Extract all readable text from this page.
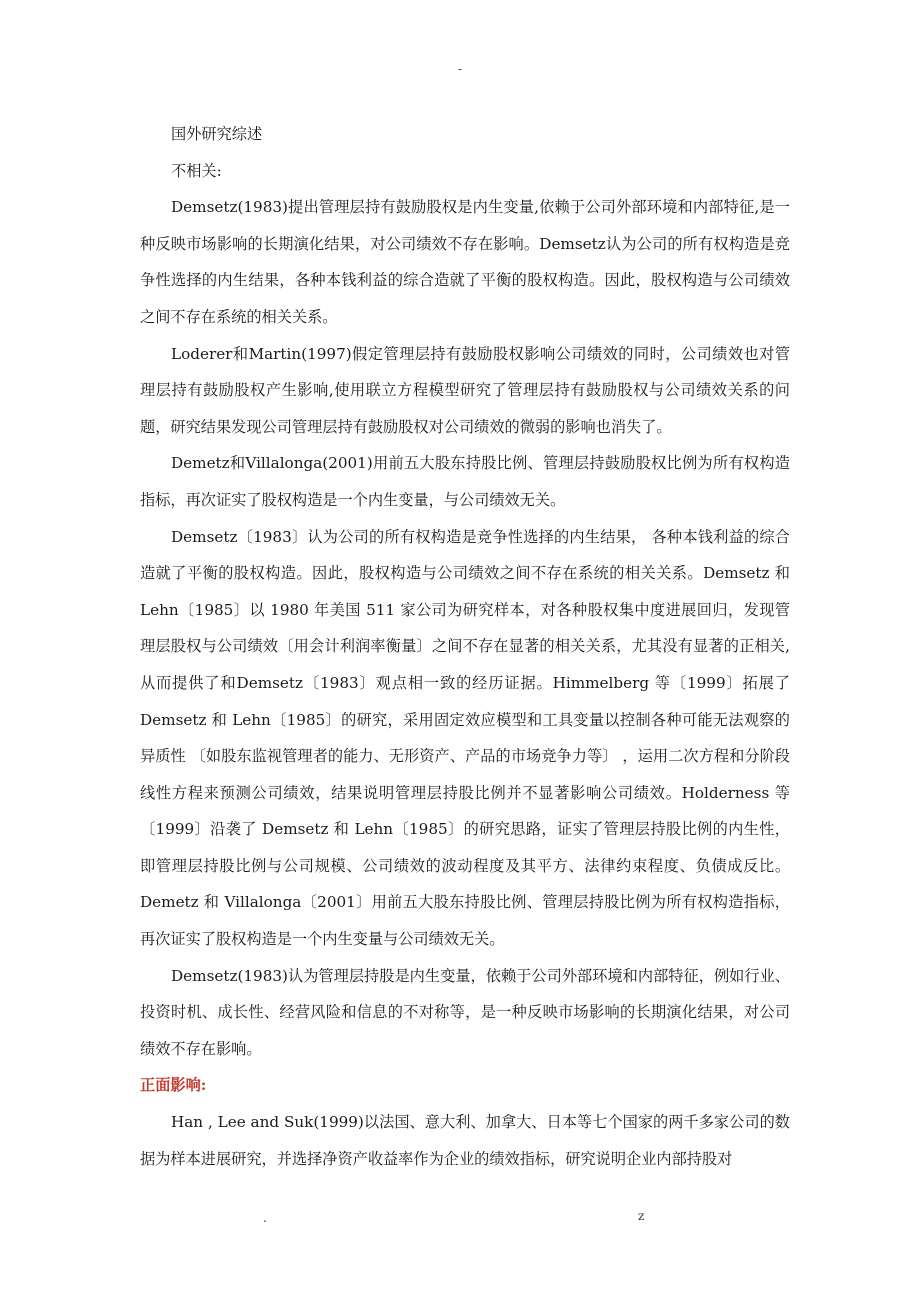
-

国外研究综述

不相关:

Demsetz(1983)提出管理层持有鼓励股权是内生变量,依赖于公司外部环境和内部特征,是一种反映市场影响的长期演化结果，对公司绩效不存在影响。Demsetz认为公司的所有权构造是竞争性选择的内生结果，各种本钱利益的综合造就了平衡的股权构造。因此，股权构造与公司绩效之间不存在系统的相关关系。

Loderer和Martin(1997)假定管理层持有鼓励股权影响公司绩效的同时，公司绩效也对管理层持有鼓励股权产生影响,使用联立方程模型研究了管理层持有鼓励股权与公司绩效关系的问题，研究结果发现公司管理层持有鼓励股权对公司绩效的微弱的影响也消失了。

Demetz和Villalonga(2001)用前五大股东持股比例、管理层持鼓励股权比例为所有权构造指标，再次证实了股权构造是一个内生变量，与公司绩效无关。

Demsetz〔1983〕认为公司的所有权构造是竞争性选择的内生结果， 各种本钱利益的综合造就了平衡的股权构造。因此，股权构造与公司绩效之间不存在系统的相关关系。Demsetz 和 Lehn〔1985〕以 1980 年美国 511 家公司为研究样本，对各种股权集中度进展回归，发现管理层股权与公司绩效〔用会计利润率衡量〕之间不存在显著的相关关系，尤其没有显著的正相关,从而提供了和Demsetz〔1983〕观点相一致的经历证据。Himmelberg 等〔1999〕拓展了 Demsetz 和 Lehn〔1985〕的研究，采用固定效应模型和工具变量以控制各种可能无法观察的异质性 〔如股东监视管理者的能力、无形资产、产品的市场竞争力等〕 ，运用二次方程和分阶段线性方程来预测公司绩效，结果说明管理层持股比例并不显著影响公司绩效。Holderness 等〔1999〕沿袭了 Demsetz 和 Lehn〔1985〕的研究思路，证实了管理层持股比例的内生性，即管理层持股比例与公司规模、公司绩效的波动程度及其平方、法律约束程度、负债成反比。Demetz 和 Villalonga〔2001〕用前五大股东持股比例、管理层持股比例为所有权构造指标， 再次证实了股权构造是一个内生变量与公司绩效无关。

Demsetz(1983)认为管理层持股是内生变量，依赖于公司外部环境和内部特征，例如行业、投资时机、成长性、经营风险和信息的不对称等，是一种反映市场影响的长期演化结果，对公司绩效不存在影响。

正面影响:

Han , Lee and Suk(1999)以法国、意大利、加拿大、日本等七个国家的两千多家公司的数据为样本进展研究，并选择净资产收益率作为企业的绩效指标，研究说明企业内部持股对

.	z
